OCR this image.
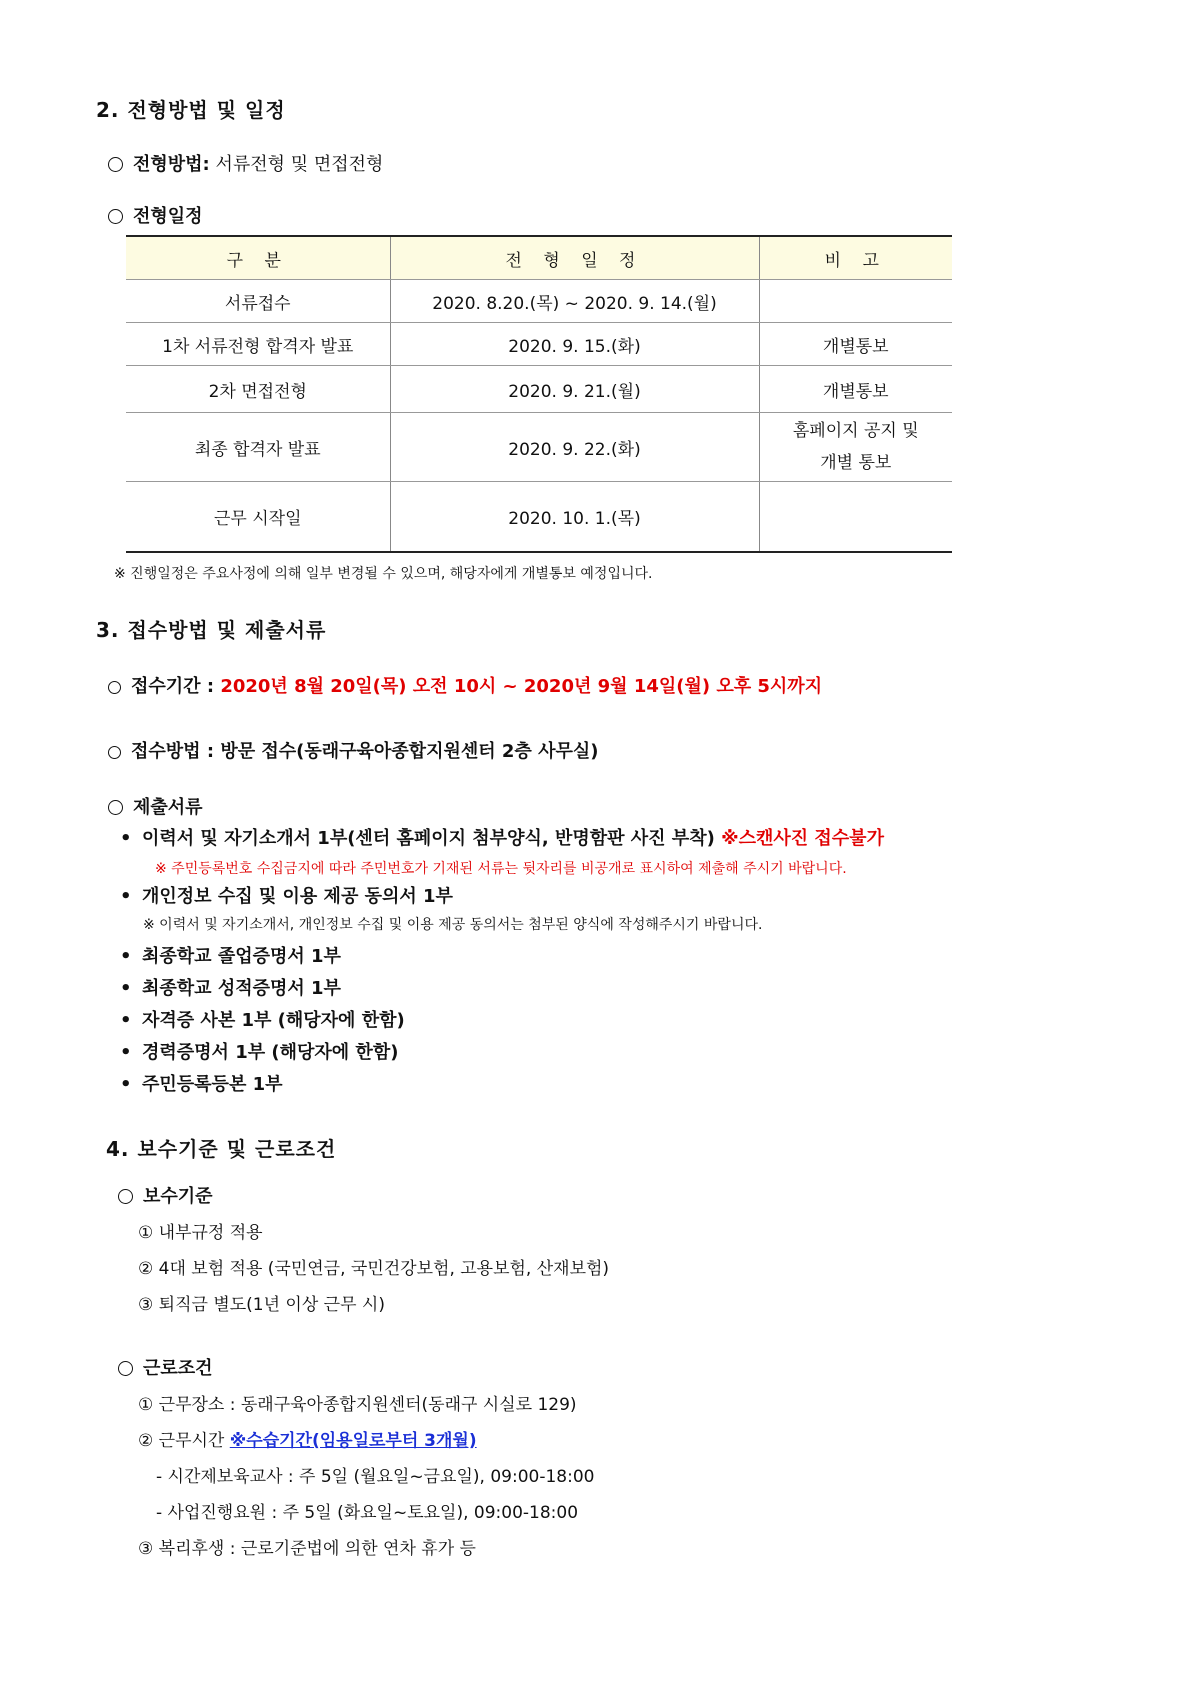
2. 전형방법 및 일정
전형방법: 서류전형 및 면접전형
전형일정
구 분	전 형 일 정	비 고
서류접수	2020. 8.20.(목) ~ 2020. 9. 14.(월)	
1차 서류전형 합격자 발표	2020. 9. 15.(화)	개별통보
2차 면접전형	2020. 9. 21.(월)	개별통보
최종 합격자 발표	2020. 9. 22.(화)	홈페이지 공지 및
개별 통보

근무 시작일	2020. 10. 1.(목)	
※ 진행일정은 주요사정에 의해 일부 변경될 수 있으며, 해당자에게 개별통보 예정입니다.
3. 접수방법 및 제출서류
접수기간 : 2020년 8월 20일(목) 오전 10시 ~ 2020년 9월 14일(월) 오후 5시까지
접수방법 : 방문 접수(동래구육아종합지원센터 2층 사무실)
제출서류
• 이력서 및 자기소개서 1부(센터 홈페이지 첨부양식, 반명함판 사진 부착) ※스캔사진 접수불가
※ 주민등록번호 수집금지에 따라 주민번호가 기재된 서류는 뒷자리를 비공개로 표시하여 제출해 주시기 바랍니다.
• 개인정보 수집 및 이용 제공 동의서 1부
※ 이력서 및 자기소개서, 개인정보 수집 및 이용 제공 동의서는 첨부된 양식에 작성해주시기 바랍니다.
• 최종학교 졸업증명서 1부
• 최종학교 성적증명서 1부
• 자격증 사본 1부 (해당자에 한함)
• 경력증명서 1부 (해당자에 한함)
• 주민등록등본 1부
4. 보수기준 및 근로조건
보수기준
① 내부규정 적용
② 4대 보험 적용 (국민연금, 국민건강보험, 고용보험, 산재보험)
③ 퇴직금 별도(1년 이상 근무 시)
근로조건
① 근무장소 : 동래구육아종합지원센터(동래구 시실로 129)
② 근무시간 ※수습기간(임용일로부터 3개월)
- 시간제보육교사 : 주 5일 (월요일~금요일), 09:00-18:00
- 사업진행요원 : 주 5일 (화요일~토요일), 09:00-18:00
③ 복리후생 : 근로기준법에 의한 연차 휴가 등
